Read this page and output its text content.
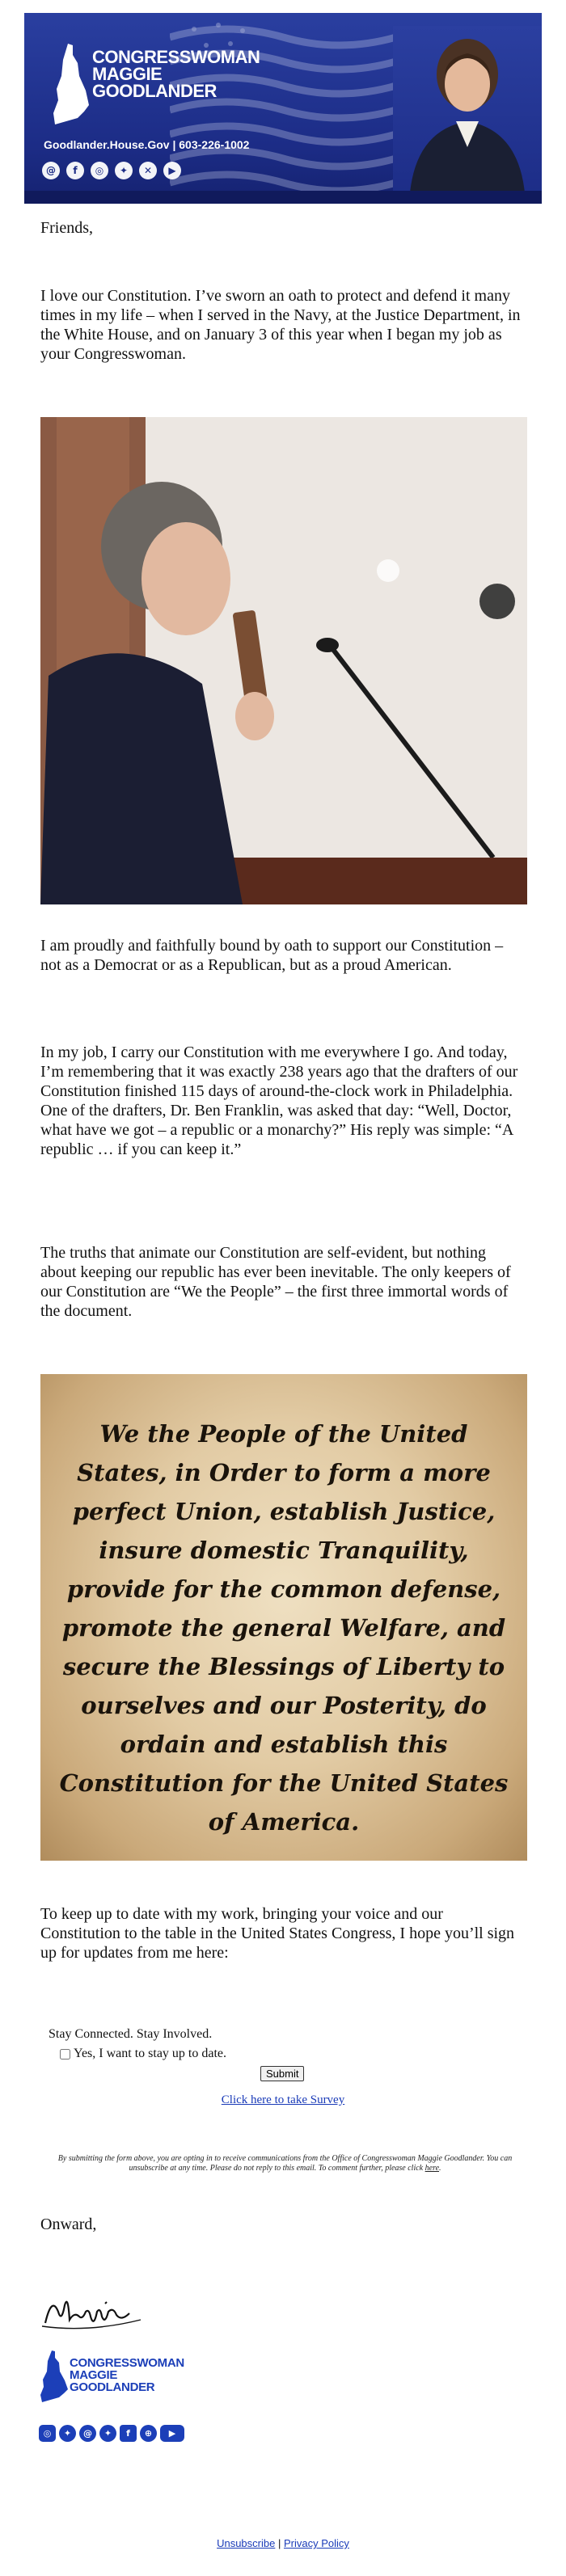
CONGRESSWOMAN
MAGGIE
GOODLANDER
Goodlander.House.Gov | 603-226-1002
@	f	◎	✦	✕	▶

Friends,

I love our Constitution. I’ve sworn an oath to protect and defend it many times in my life – when I served in the Navy, at the Justice Department, in the White House, and on January 3 of this year when I began my job as your Congresswoman.

I am proudly and faithfully bound by oath to support our Constitution – not as a Democrat or as a Republican, but as a proud American.

In my job, I carry our Constitution with me everywhere I go. And today, I’m remembering that it was exactly 238 years ago that the drafters of our Constitution finished 115 days of around-the-clock work in Philadelphia. One of the drafters, Dr. Ben Franklin, was asked that day: “Well, Doctor, what have we got – a republic or a monarchy?” His reply was simple: “A republic … if you can keep it.”

The truths that animate our Constitution are self-evident, but nothing about keeping our republic has ever been inevitable. The only keepers of our Constitution are “We the People” – the first three immortal words of the document.

We the People of the United States, in Order to form a more perfect Union, establish Justice, insure domestic Tranquility, provide for the common defense, promote the general Welfare, and secure the Blessings of Liberty to ourselves and our Posterity, do ordain and establish this Constitution for the United States of America.

To keep up to date with my work, bringing your voice and our Constitution to the table in the United States Congress, I hope you’ll sign up for updates from me here:

Stay Connected. Stay Involved.
Yes, I want to stay up to date.
Submit
Click here to take Survey
By submitting the form above, you are opting in to receive communications from the Office of Congresswoman Maggie Goodlander. You can unsubscribe at any time. Please do not reply to this email. To comment further, please click here.

Onward,

CONGRESSWOMAN
MAGGIE
GOODLANDER
◎	✦	@	✦	f	⊕	▶
Unsubscribe | Privacy Policy
